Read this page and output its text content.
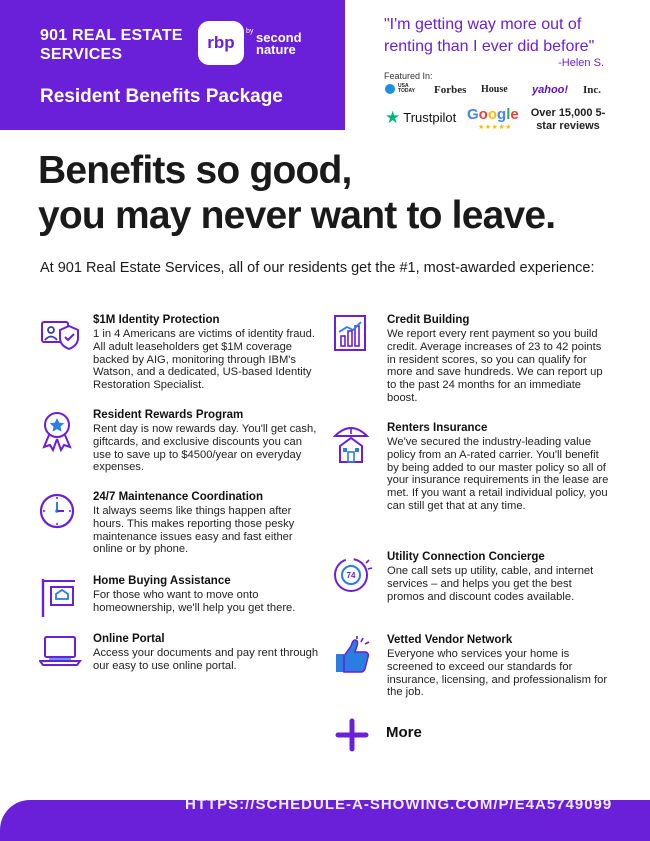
901 REAL ESTATE SERVICES
rbp
by second nature
Resident Benefits Package
"I'm getting way more out of renting than I ever did before"
-Helen S.
Featured In:
USA TODAY Forbes House yahoo! Inc.
★ Trustpilot Google
★★★★★
Over 15,000 5-star reviews
Benefits so good,
you may never want to leave.
At 901 Real Estate Services, all of our residents get the #1, most-awarded experience:
$1M Identity Protection

1 in 4 Americans are victims of identity fraud. All adult leaseholders get $1M coverage backed by AIG, monitoring through IBM's Watson, and a dedicated, US-based Identity Restoration Specialist.

Resident Rewards Program

Rent day is now rewards day. You'll get cash, giftcards, and exclusive discounts you can use to save up to $4500/year on everyday expenses.

24/7 Maintenance Coordination

It always seems like things happen after hours. This makes reporting those pesky maintenance issues easy and fast either online or by phone.

Home Buying Assistance

For those who want to move onto homeownership, we'll help you get there.

Online Portal

Access your documents and pay rent through our easy to use online portal.

Credit Building

We report every rent payment so you build credit. Average increases of 23 to 42 points in resident scores, so you can qualify for more and save hundreds. We can report up to the past 24 months for an immediate boost.

Renters Insurance

We've secured the industry-leading value policy from an A-rated carrier. You'll benefit by being added to our master policy so all of your insurance requirements in the lease are met. If you want a retail individual policy, you can still get that at any time.

74
Utility Connection Concierge

One call sets up utility, cable, and internet services – and helps you get the best promos and discount codes available.

Vetted Vendor Network

Everyone who services your home is screened to exceed our standards for insurance, licensing, and professionalism for the job.

More
HTTPS://SCHEDULE-A-SHOWING.COM/P/E4A5749099
